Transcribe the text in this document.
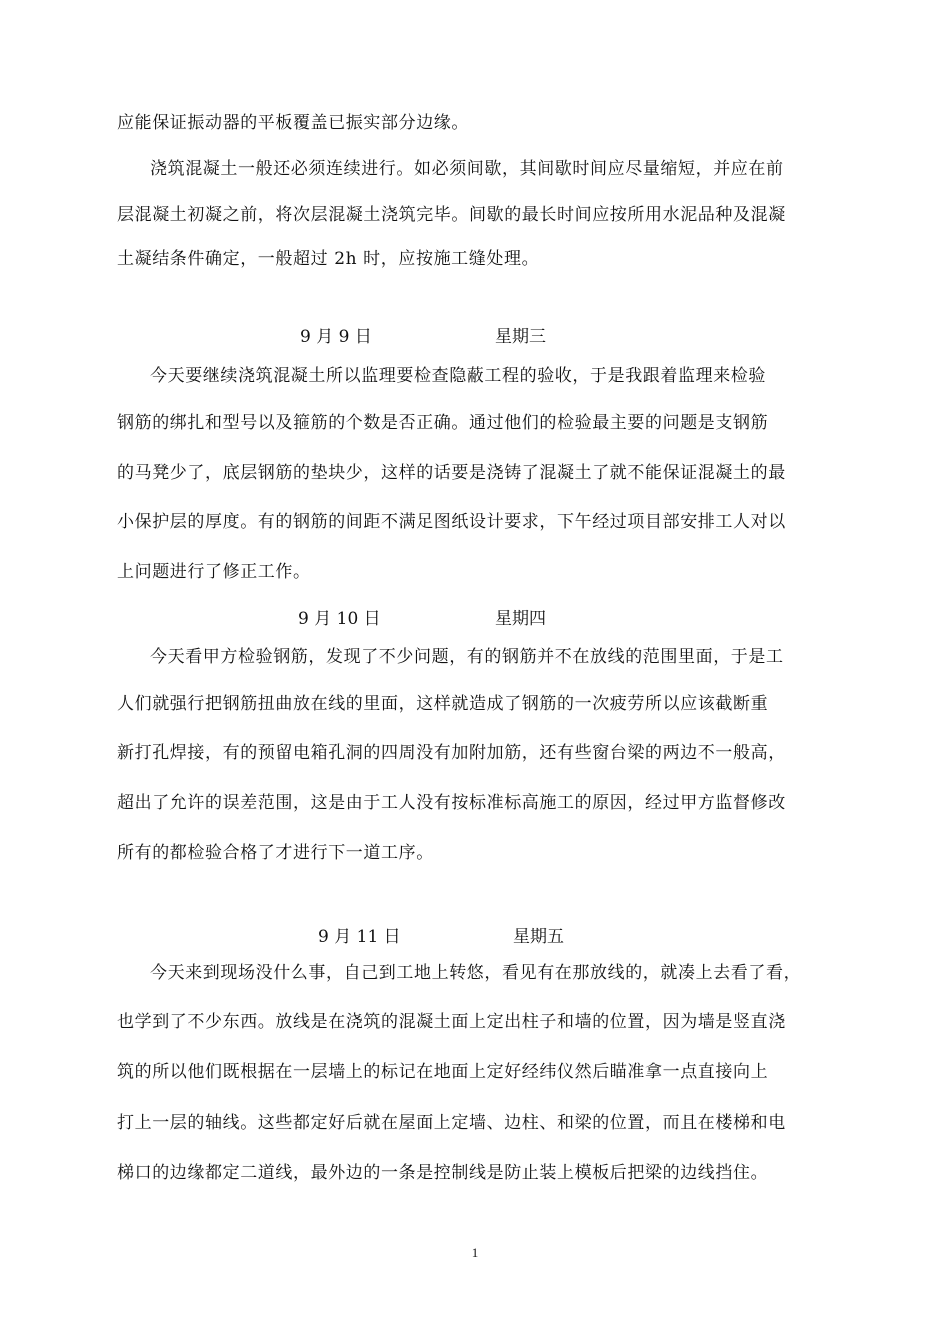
应能保证振动器的平板覆盖已振实部分边缘。
浇筑混凝土一般还必须连续进行。如必须间歇，其间歇时间应尽量缩短，并应在前
层混凝土初凝之前，将次层混凝土浇筑完毕。间歇的最长时间应按所用水泥品种及混凝
土凝结条件确定，一般超过 2h 时，应按施工缝处理。
9 月 9 日	星期三
今天要继续浇筑混凝土所以监理要检查隐蔽工程的验收，于是我跟着监理来检验
钢筋的绑扎和型号以及箍筋的个数是否正确。通过他们的检验最主要的问题是支钢筋
的马凳少了，底层钢筋的垫块少，这样的话要是浇铸了混凝土了就不能保证混凝土的最
小保护层的厚度。有的钢筋的间距不满足图纸设计要求，下午经过项目部安排工人对以
上问题进行了修正工作。
9 月 10 日	星期四
今天看甲方检验钢筋，发现了不少问题，有的钢筋并不在放线的范围里面，于是工
人们就强行把钢筋扭曲放在线的里面，这样就造成了钢筋的一次疲劳所以应该截断重
新打孔焊接，有的预留电箱孔洞的四周没有加附加筋，还有些窗台梁的两边不一般高，
超出了允许的误差范围，这是由于工人没有按标准标高施工的原因，经过甲方监督修改
所有的都检验合格了才进行下一道工序。
9 月 11 日	星期五
今天来到现场没什么事，自己到工地上转悠，看见有在那放线的，就凑上去看了看，
也学到了不少东西。放线是在浇筑的混凝土面上定出柱子和墙的位置，因为墙是竖直浇
筑的所以他们既根据在一层墙上的标记在地面上定好经纬仪然后瞄准拿一点直接向上
打上一层的轴线。这些都定好后就在屋面上定墙、边柱、和梁的位置，而且在楼梯和电
梯口的边缘都定二道线，最外边的一条是控制线是防止装上模板后把梁的边线挡住。
1
